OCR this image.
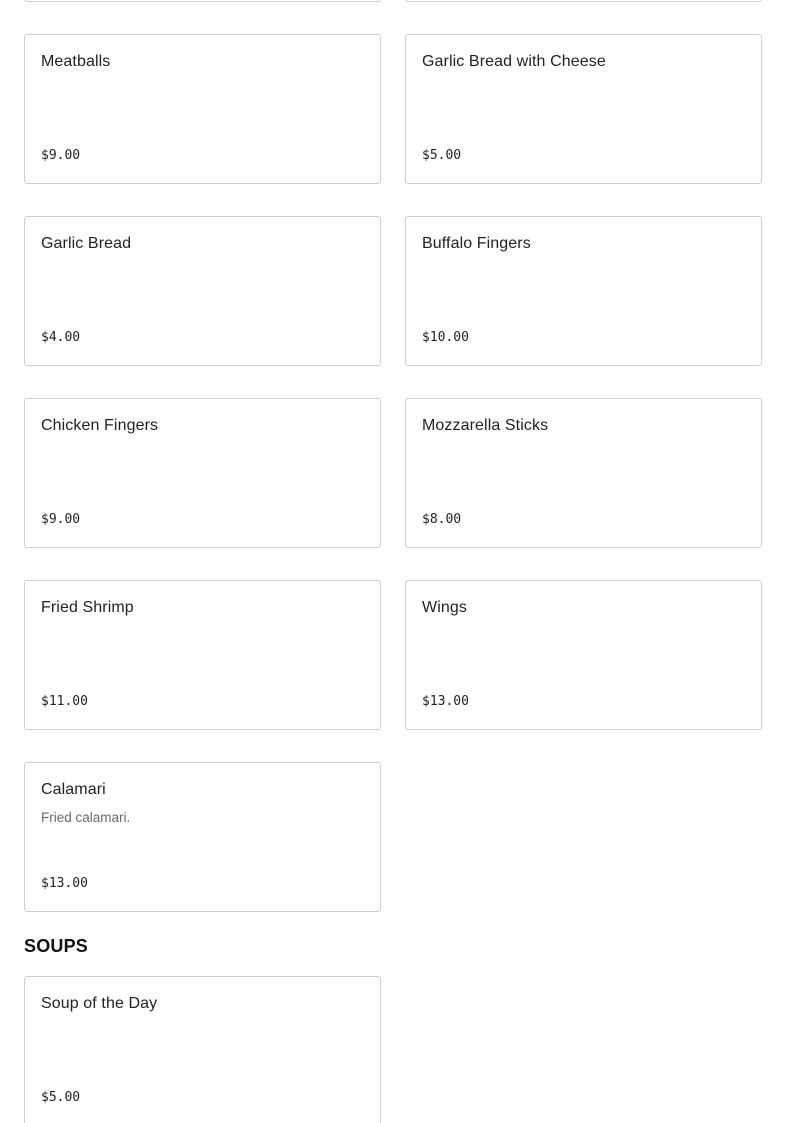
Meatballs
$9.00
Garlic Bread with Cheese
$5.00
Garlic Bread
$4.00
Buffalo Fingers
$10.00
Chicken Fingers
$9.00
Mozzarella Sticks
$8.00
Fried Shrimp
$11.00
Wings
$13.00
Calamari
Fried calamari.
$13.00
SOUPS
Soup of the Day
$5.00
